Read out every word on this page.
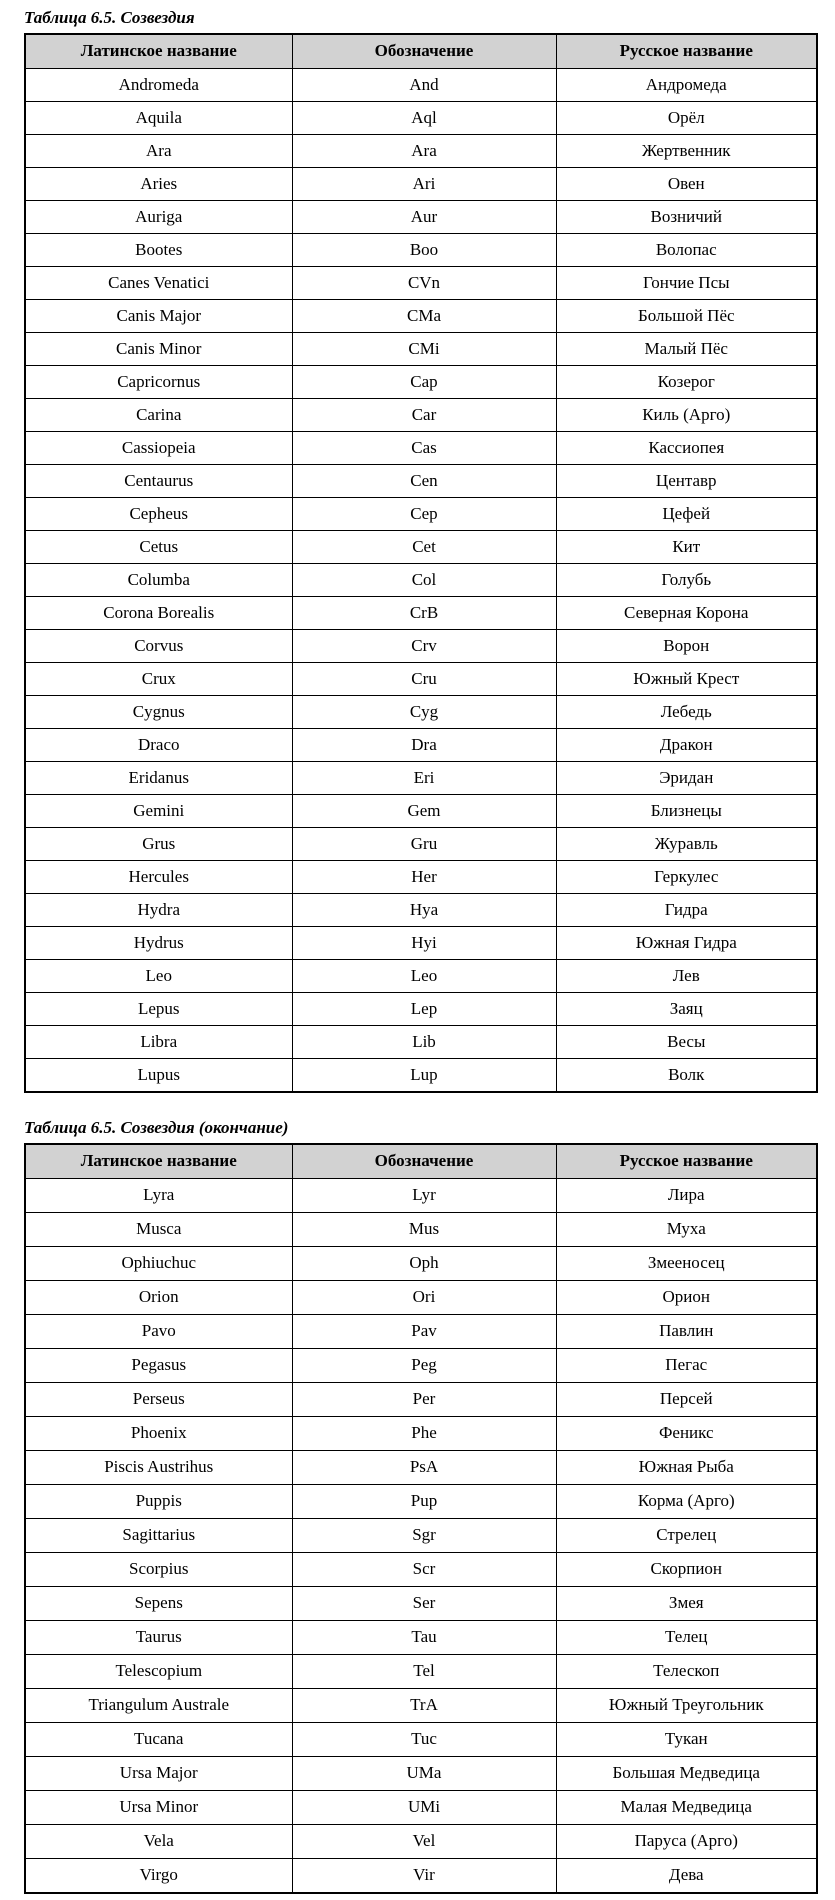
Таблица 6.5. Созвездия

Латинское название	Обозначение	Русское название
Andromeda	And	Андромеда
Aquila	Aql	Орёл
Ara	Ara	Жертвенник
Aries	Ari	Овен
Auriga	Aur	Возничий
Bootes	Boo	Волопас
Canes Venatici	CVn	Гончие Псы
Canis Major	CMa	Большой Пёс
Canis Minor	CMi	Малый Пёс
Capricornus	Cap	Козерог
Carina	Car	Киль (Арго)
Cassiopeia	Cas	Кассиопея
Centaurus	Cen	Центавр
Cepheus	Cep	Цефей
Cetus	Cet	Кит
Columba	Col	Голубь
Corona Borealis	CrB	Северная Корона
Corvus	Crv	Ворон
Crux	Cru	Южный Крест
Cygnus	Cyg	Лебедь
Draco	Dra	Дракон
Eridanus	Eri	Эридан
Gemini	Gem	Близнецы
Grus	Gru	Журавль
Hercules	Her	Геркулес
Hydra	Hya	Гидра
Hydrus	Hyi	Южная Гидра
Leo	Leo	Лев
Lepus	Lep	Заяц
Libra	Lib	Весы
Lupus	Lup	Волк

Таблица 6.5. Созвездия (окончание)

Латинское название	Обозначение	Русское название
Lyra	Lyr	Лира
Musca	Mus	Муха
Ophiuchuc	Oph	Змееносец
Orion	Ori	Орион
Pavo	Pav	Павлин
Pegasus	Peg	Пегас
Perseus	Per	Персей
Phoenix	Phe	Феникс
Piscis Austrihus	PsA	Южная Рыба
Puppis	Pup	Корма (Арго)
Sagittarius	Sgr	Стрелец
Scorpius	Scr	Скорпион
Sepens	Ser	Змея
Taurus	Tau	Телец
Telescopium	Tel	Телескоп
Triangulum Australe	TrA	Южный Треугольник
Tucana	Tuc	Тукан
Ursa Major	UMa	Большая Медведица
Ursa Minor	UMi	Малая Медведица
Vela	Vel	Паруса (Арго)
Virgo	Vir	Дева
